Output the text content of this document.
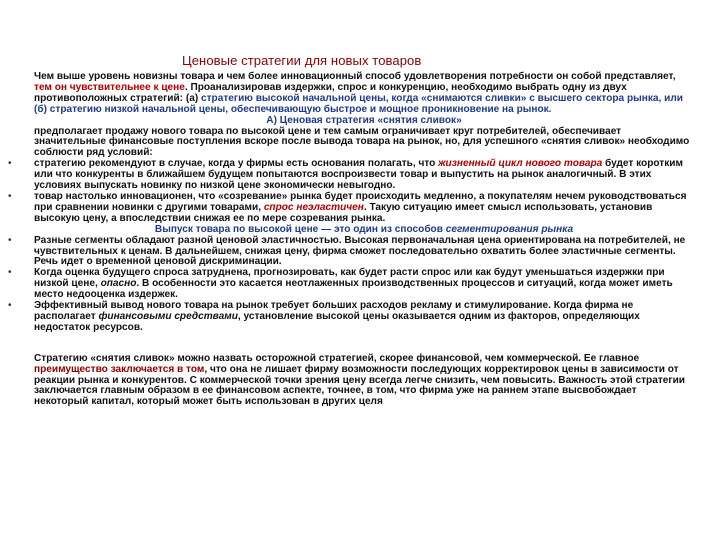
Ценовые стратегии для новых товаров

Чем выше уровень новизны товара и чем более инновационный способ удовлетворения потребности он собой представляет, тем он чувствительнее к цене. Проанализировав издержки, спрос и конкуренцию, необходимо выбрать одну из двух противоположных стратегий: (а) стратегию высокой начальной цены, когда «снимаются сливки» с высшего сектора рынка, или (б) стратегию низкой начальной цены, обеспечивающую быстрое и мощное проникновение на рынок.

А) Ценовая стратегия «снятия сливок»

предполагает продажу нового товара по высокой цене и тем самым ограничивает круг потребителей, обеспечивает значительные финансовые поступления вскоре после вывода товара на рынок, но, для успешного «снятия сливок» необходимо соблюсти ряд условий:

• стратегию рекомендуют в случае, когда у фирмы есть основания полагать, что жизненный цикл нового товара будет коротким или что конкуренты в ближайшем будущем попытаются воспроизвести товар и выпустить на рынок аналогичный. В этих условиях выпускать новинку по низкой цене экономически невыгодно.

• товар настолько инновационен, что «созревание» рынка будет происходить медленно, а покупателям нечем руководствоваться при сравнении новинки с другими товарами, спрос неэластичен. Такую ситуацию имеет смысл использовать, установив высокую цену, а впоследствии снижая ее по мере созревания рынка.

Выпуск товара по высокой цене — это один из способов сегментирования рынка

• Разные сегменты обладают разной ценовой эластичностью. Высокая первоначальная цена ориентирована на потребителей, не чувствительных к ценам. В дальнейшем, снижая цену, фирма сможет последовательно охватить более эластичные сегменты. Речь идет о временной ценовой дискриминации.

• Когда оценка будущего спроса затруднена, прогнозировать, как будет расти спрос или как будут уменьшаться издержки при низкой цене, опасно. В особенности это касается неотлаженных производственных процессов и ситуаций, когда может иметь место недооценка издержек.

• Эффективный вывод нового товара на рынок требует больших расходов рекламу и стимулирование. Когда фирма не располагает финансовыми средствами, установление высокой цены оказывается одним из факторов, определяющих недостаток ресурсов.

Стратегию «снятия сливок» можно назвать осторожной стратегией, скорее финансовой, чем коммерческой. Ее главное преимущество заключается в том, что она не лишает фирму возможности последующих корректировок цены в зависимости от реакции рынка и конкурентов. С коммерческой точки зрения цену всегда легче снизить, чем повысить. Важность этой стратегии заключается главным образом в ее финансовом аспекте, точнее, в том, что фирма уже на раннем этапе высвобождает некоторый капитал, который может быть использован в других целя
